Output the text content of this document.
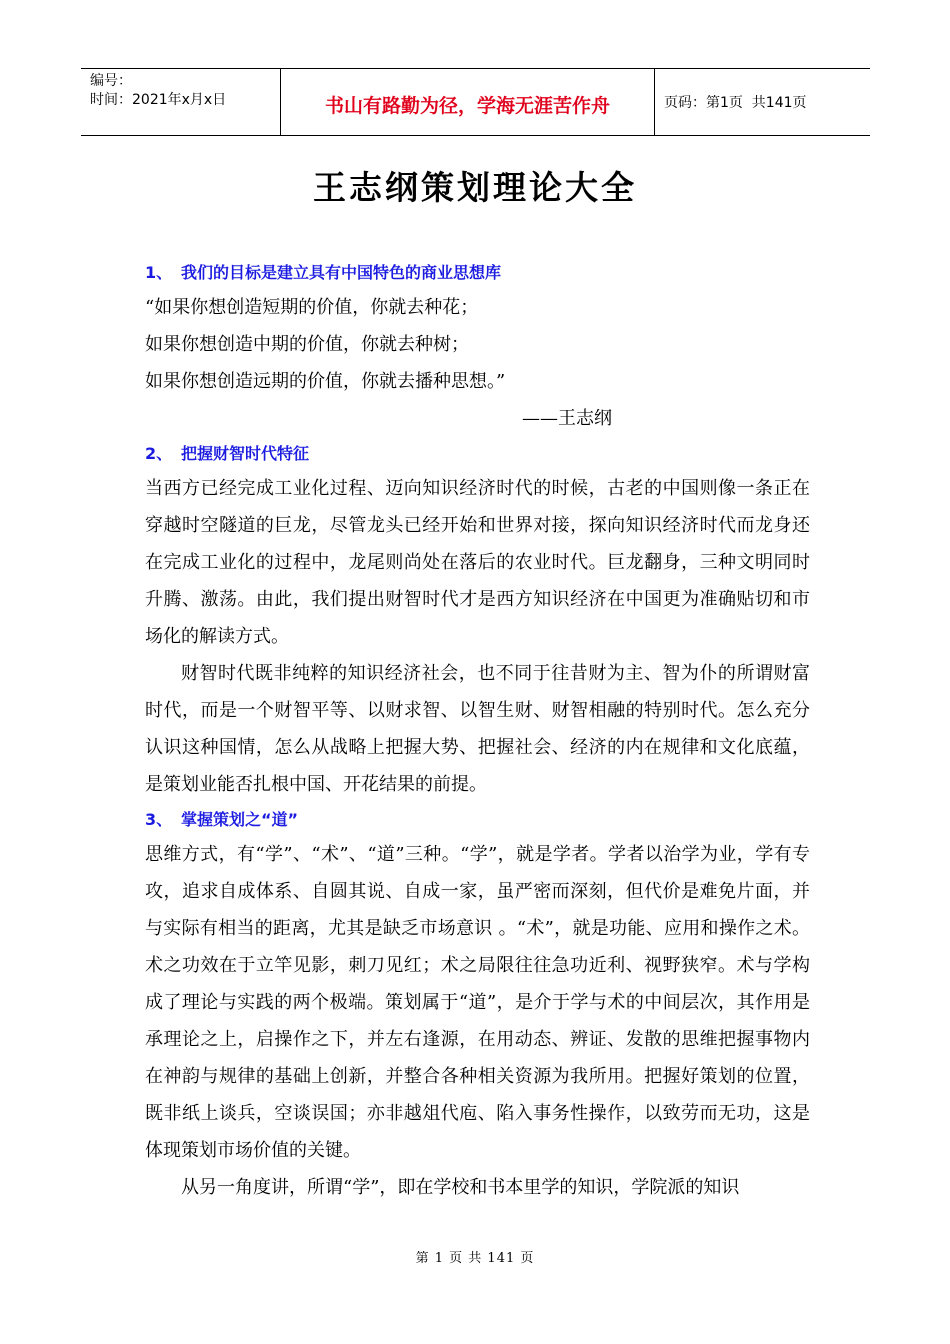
编号：
时间：2021年x月x日	书山有路勤为径，学海无涯苦作舟	页码：第1页  共141页
王志纲策划理论大全
1、 我们的目标是建立具有中国特色的商业思想库
“如果你想创造短期的价值，你就去种花；
如果你想创造中期的价值，你就去种树；
如果你想创造远期的价值，你就去播种思想。”
——王志纲
2、 把握财智时代特征
当西方已经完成工业化过程、迈向知识经济时代的时候，古老的中国则像一条正在穿越时空隧道的巨龙，尽管龙头已经开始和世界对接，探向知识经济时代而龙身还在完成工业化的过程中，龙尾则尚处在落后的农业时代。巨龙翻身，三种文明同时升腾、激荡。由此，我们提出财智时代才是西方知识经济在中国更为准确贴切和市场化的解读方式。
财智时代既非纯粹的知识经济社会，也不同于往昔财为主、智为仆的所谓财富时代，而是一个财智平等、以财求智、以智生财、财智相融的特别时代。怎么充分认识这种国情，怎么从战略上把握大势、把握社会、经济的内在规律和文化底蕴，是策划业能否扎根中国、开花结果的前提。
3、 掌握策划之“道”
思维方式，有“学”、“术”、“道”三种。“学”，就是学者。学者以治学为业，学有专攻，追求自成体系、自圆其说、自成一家，虽严密而深刻，但代价是难免片面，并与实际有相当的距离，尤其是缺乏市场意识 。“术”，就是功能、应用和操作之术。术之功效在于立竿见影，刺刀见红；术之局限往往急功近利、视野狭窄。术与学构成了理论与实践的两个极端。策划属于“道”，是介于学与术的中间层次，其作用是承理论之上，启操作之下，并左右逢源，在用动态、辨证、发散的思维把握事物内在神韵与规律的基础上创新，并整合各种相关资源为我所用。把握好策划的位置，既非纸上谈兵，空谈误国；亦非越俎代庖、陷入事务性操作，以致劳而无功，这是体现策划市场价值的关键。
从另一角度讲，所谓“学”，即在学校和书本里学的知识，学院派的知识
第 1 页 共 141 页
